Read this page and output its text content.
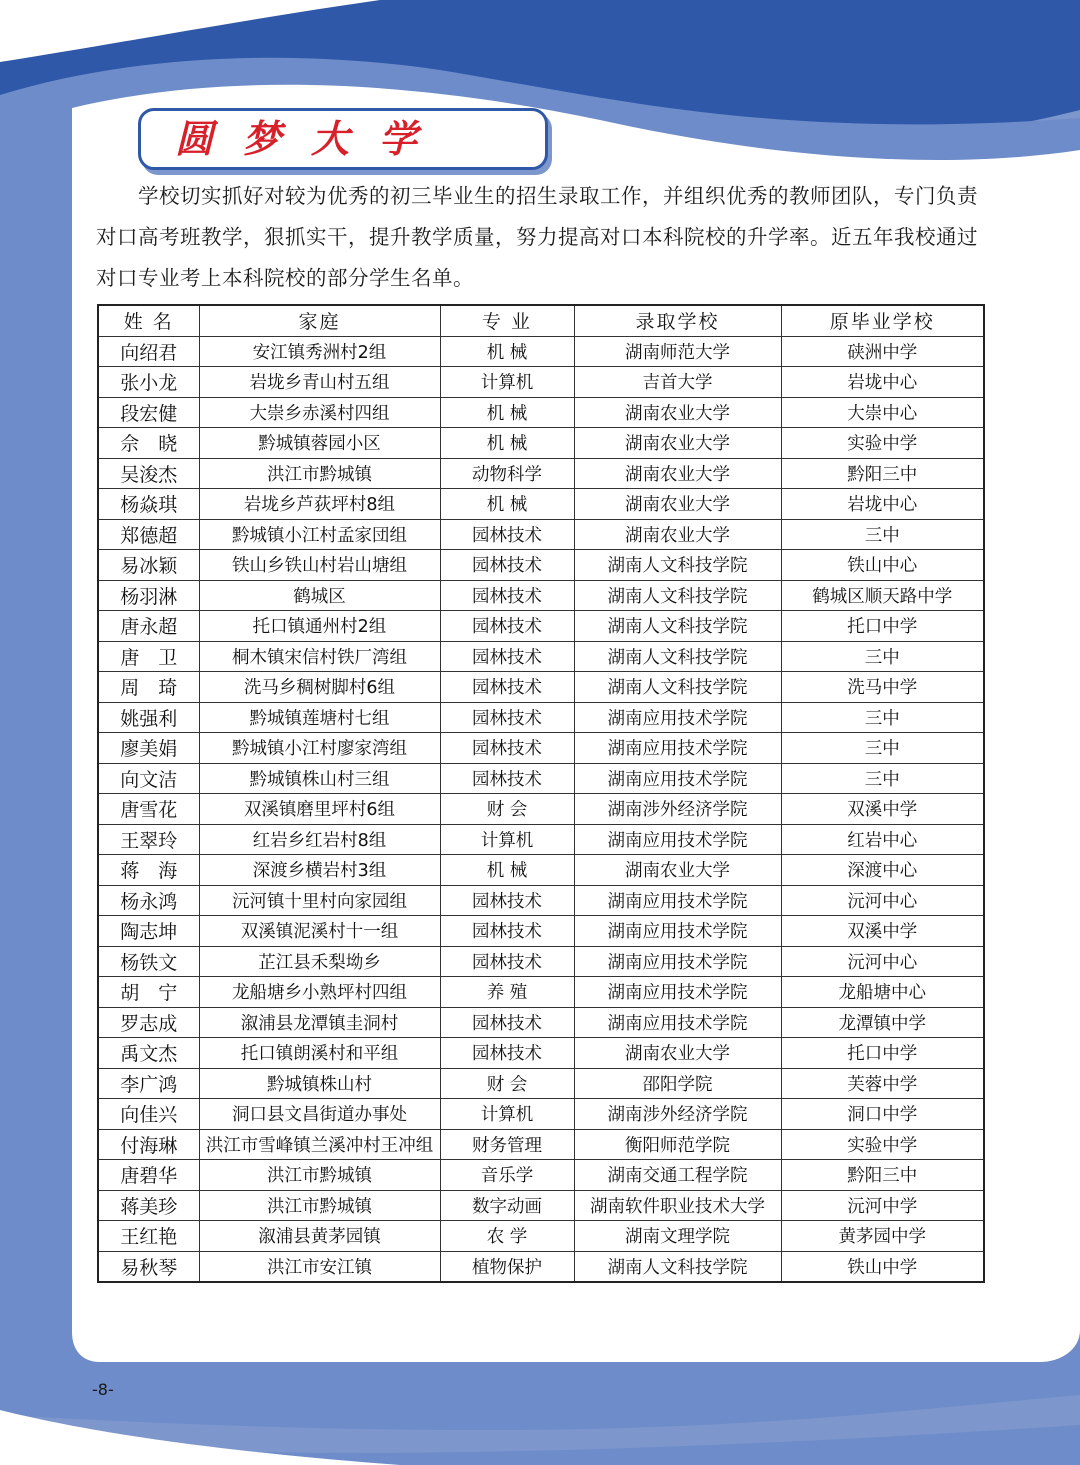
圆梦大学

学校切实抓好对较为优秀的初三毕业生的招生录取工作，并组织优秀的教师团队，专门负责对口高考班教学，狠抓实干，提升教学质量，努力提高对口本科院校的升学率。近五年我校通过对口专业考上本科院校的部分学生名单。

姓 名	家庭	专 业	录取学校	原毕业学校
向绍君	安江镇秀洲村2组	机 械	湖南师范大学	硖洲中学
张小龙	岩垅乡青山村五组	计算机	吉首大学	岩垅中心
段宏健	大崇乡赤溪村四组	机 械	湖南农业大学	大崇中心
佘　晓	黔城镇蓉园小区	机 械	湖南农业大学	实验中学
吴浚杰	洪江市黔城镇	动物科学	湖南农业大学	黔阳三中
杨焱琪	岩垅乡芦荻坪村8组	机 械	湖南农业大学	岩垅中心
郑德超	黔城镇小江村孟家団组	园林技术	湖南农业大学	三中
易冰颖	铁山乡铁山村岩山塘组	园林技术	湖南人文科技学院	铁山中心
杨羽淋	鹤城区	园林技术	湖南人文科技学院	鹤城区顺天路中学
唐永超	托口镇通州村2组	园林技术	湖南人文科技学院	托口中学
唐　卫	桐木镇宋信村铁厂湾组	园林技术	湖南人文科技学院	三中
周　琦	洗马乡稠树脚村6组	园林技术	湖南人文科技学院	洗马中学
姚强利	黔城镇莲塘村七组	园林技术	湖南应用技术学院	三中
廖美娟	黔城镇小江村廖家湾组	园林技术	湖南应用技术学院	三中
向文洁	黔城镇株山村三组	园林技术	湖南应用技术学院	三中
唐雪花	双溪镇磨里坪村6组	财 会	湖南涉外经济学院	双溪中学
王翠玲	红岩乡红岩村8组	计算机	湖南应用技术学院	红岩中心
蒋　海	深渡乡横岩村3组	机 械	湖南农业大学	深渡中心
杨永鸿	沅河镇十里村向家园组	园林技术	湖南应用技术学院	沅河中心
陶志坤	双溪镇泥溪村十一组	园林技术	湖南应用技术学院	双溪中学
杨铁文	芷江县禾梨坳乡	园林技术	湖南应用技术学院	沅河中心
胡　宁	龙船塘乡小熟坪村四组	养 殖	湖南应用技术学院	龙船塘中心
罗志成	溆浦县龙潭镇圭洞村	园林技术	湖南应用技术学院	龙潭镇中学
禹文杰	托口镇朗溪村和平组	园林技术	湖南农业大学	托口中学
李广鸿	黔城镇株山村	财 会	邵阳学院	芙蓉中学
向佳兴	洞口县文昌街道办事处	计算机	湖南涉外经济学院	洞口中学
付海琳	洪江市雪峰镇兰溪冲村王冲组	财务管理	衡阳师范学院	实验中学
唐碧华	洪江市黔城镇	音乐学	湖南交通工程学院	黔阳三中
蒋美珍	洪江市黔城镇	数字动画	湖南软件职业技术大学	沅河中学
王红艳	溆浦县黄茅园镇	农 学	湖南文理学院	黄茅园中学
易秋琴	洪江市安江镇	植物保护	湖南人文科技学院	铁山中学
-8-
